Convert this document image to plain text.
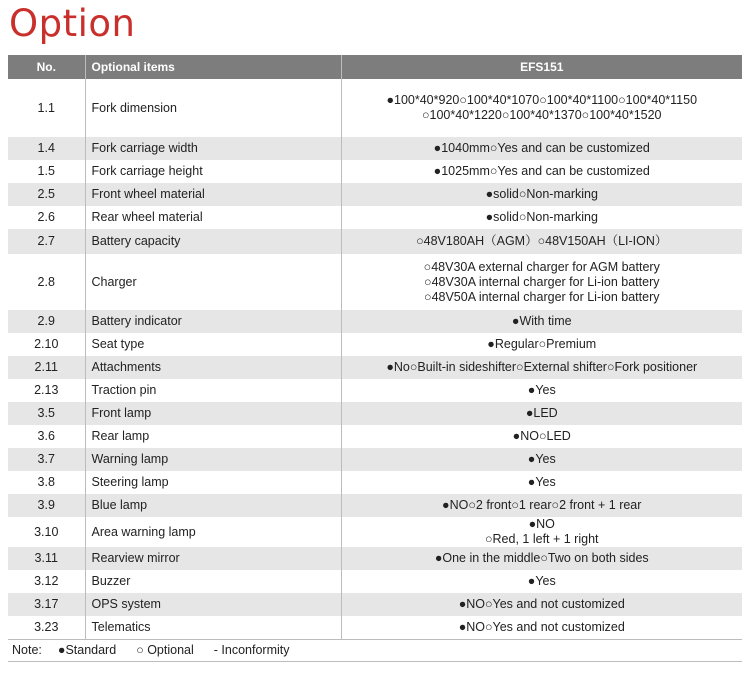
Option
No.	Optional items	EFS151
1.1	Fork dimension	●100*40*920○100*40*1070○100*40*1100○100*40*1150
○100*40*1220○100*40*1370○100*40*1520

1.4	Fork carriage width	●1040mm○Yes and can be customized

1.5	Fork carriage height	●1025mm○Yes and can be customized

2.5	Front wheel material	●solid○Non-marking

2.6	Rear wheel material	●solid○Non-marking

2.7	Battery capacity	○48V180AH（AGM）○48V150AH（LI-ION）

2.8	Charger	○48V30A external charger for AGM battery
○48V30A internal charger for Li-ion battery
○48V50A internal charger for Li-ion battery

2.9	Battery indicator	●With time

2.10	Seat type	●Regular○Premium

2.11	Attachments	●No○Built-in sideshifter○External shifter○Fork positioner

2.13	Traction pin	●Yes

3.5	Front lamp	●LED

3.6	Rear lamp	●NO○LED

3.7	Warning lamp	●Yes

3.8	Steering lamp	●Yes

3.9	Blue lamp	●NO○2 front○1 rear○2 front + 1 rear

3.10	Area warning lamp	●NO
○Red, 1 left + 1 right

3.11	Rearview mirror	●One in the middle○Two on both sides

3.12	Buzzer	●Yes

3.17	OPS system	●NO○Yes and not customized

3.23	Telematics	●NO○Yes and not customized

Note: ●Standard ○ Optional - Inconformity		
